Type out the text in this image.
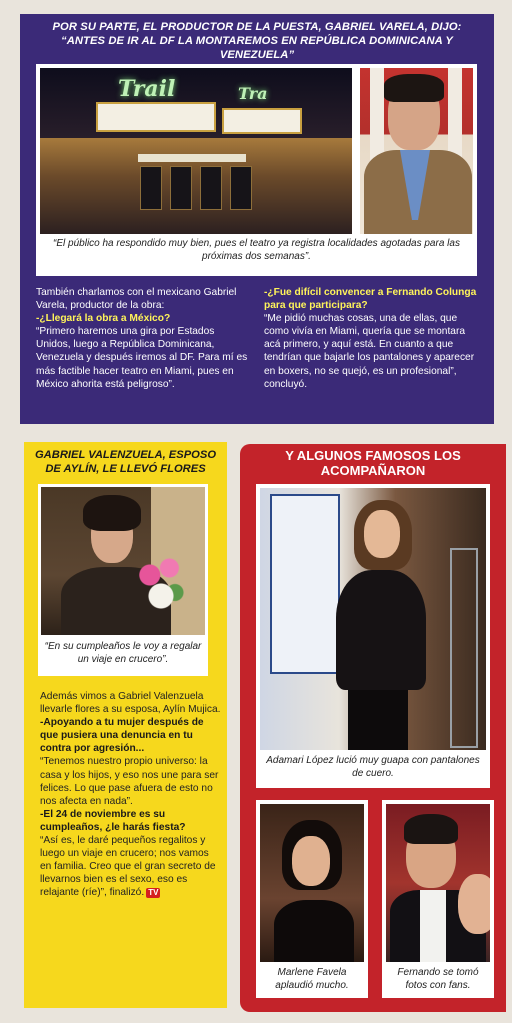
POR SU PARTE, EL PRODUCTOR DE LA PUESTA, GABRIEL VARELA, DIJO: “ANTES DE IR AL DF LA MONTAREMOS EN REPÚBLICA DOMINICANA Y VENEZUELA”
Trail	Tra
“El público ha respondido muy bien, pues el teatro ya registra localidades agotadas para las próximas dos semanas”.

También charlamos con el mexicano Gabriel Varela, productor de la obra:

-¿Llegará la obra a México?

“Primero haremos una gira por Estados Unidos, luego a República Dominicana, Venezuela y después iremos al DF. Para mí es más factible hacer teatro en Miami, pues en México ahorita está peligroso”.

-¿Fue difícil convencer a Fernando Colunga para que participara?

“Me pidió muchas cosas, una de ellas, que como vivía en Miami, quería que se montara acá primero, y aquí está. En cuanto a que tendrían que bajarle los pantalones y aparecer en boxers, no se quejó, es un profesional”, concluyó.

GABRIEL VALENZUELA, ESPOSO DE AYLÍN, LE LLEVÓ FLORES
“En su cumpleaños le voy a regalar un viaje en crucero”.

Además vimos a Gabriel Valenzuela llevarle flores a su esposa, Aylín Mujica.

-Apoyando a tu mujer después de que pusiera una denuncia en tu contra por agresión...

“Tenemos nuestro propio universo: la casa y los hijos, y eso nos une para ser felices. Lo que pase afuera de esto no nos afecta en nada”.

-El 24 de noviembre es su cumpleaños, ¿le harás fiesta?

“Así es, le daré pequeños regalitos y luego un viaje en crucero; nos vamos en familia. Creo que el gran secreto de llevarnos bien es el sexo, eso es relajante (ríe)”, finalizó. TV

Y ALGUNOS FAMOSOS LOS ACOMPAÑARON
Adamari López lució muy guapa con pantalones de cuero.
Marlene Favela aplaudió mucho.
Fernando se tomó fotos con fans.
